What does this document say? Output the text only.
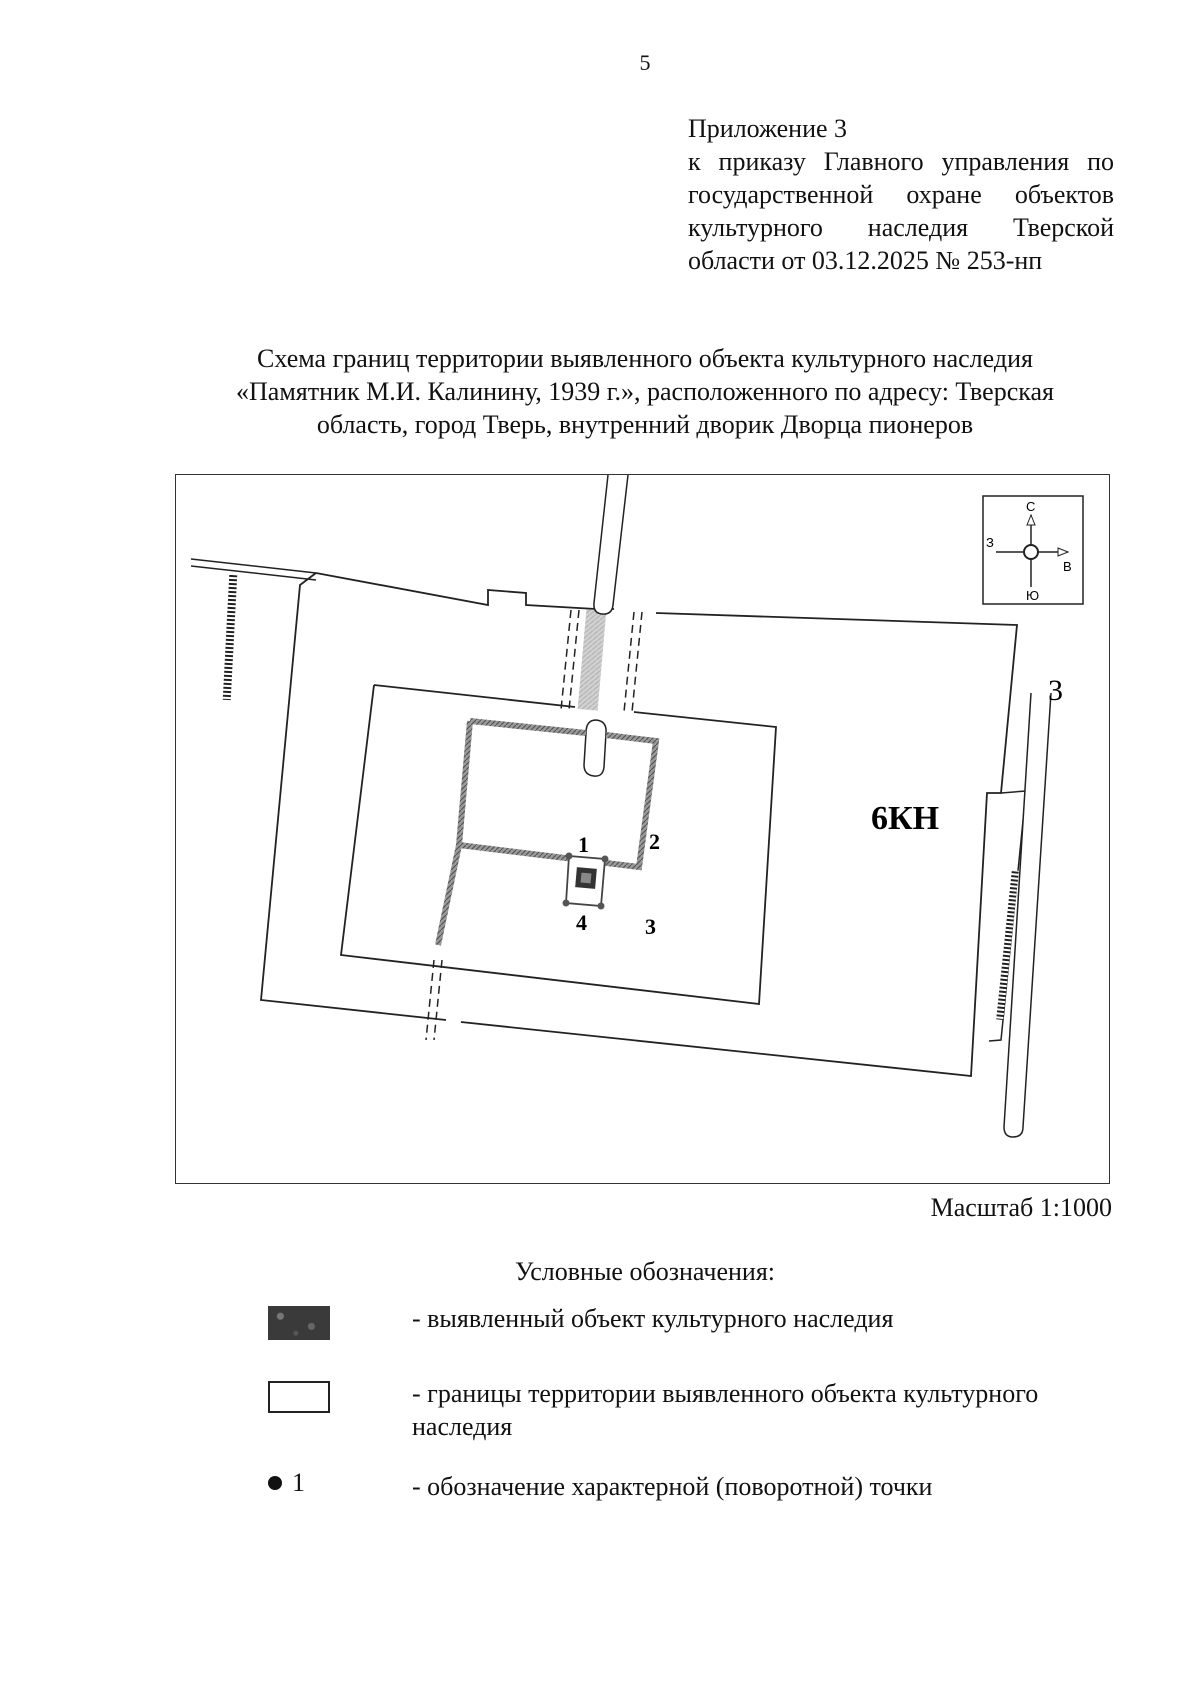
5
Приложение 3
к приказу Главного управления по
государственной охране объектов
культурного наследия Тверской
области от 03.12.2025 № 253-нп
Схема границ территории выявленного объекта культурного наследия
«Памятник М.И. Калинину, 1939 г.», расположенного по адресу: Тверская
область, город Тверь, внутренний дворик Дворца пионеров
1	2
3
4
6КН
3
С
Ю
В
З
Масштаб 1:1000
Условные обозначения:
- выявленный объект культурного наследия
- границы территории выявленного объекта культурного наследия
1	- обозначение характерной (поворотной) точки
